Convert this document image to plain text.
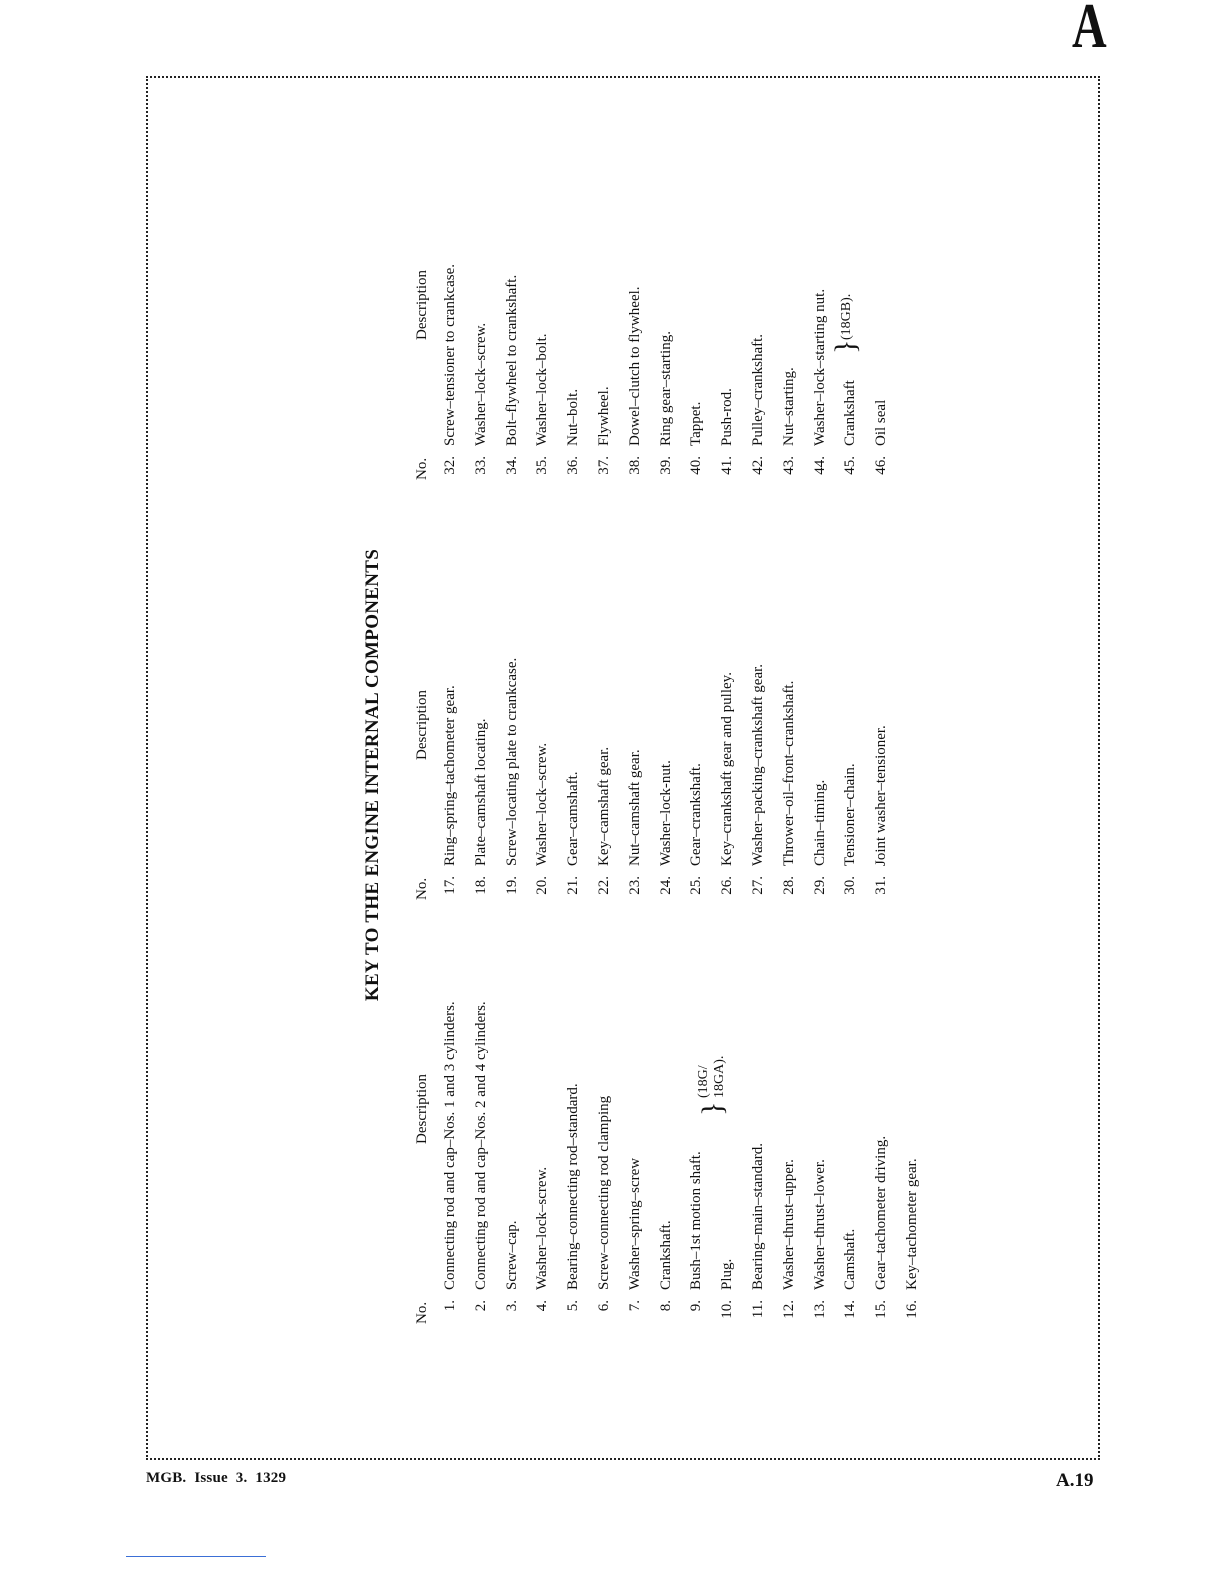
A
KEY TO THE ENGINE INTERNAL COMPONENTS
No.
Description
1.
Connecting rod and cap–Nos. 1 and 3 cylinders.
2.
Connecting rod and cap–Nos. 2 and 4 cylinders.
3.
Screw–cap.
4.
Washer–lock–screw.
5.
Bearing–connecting rod–standard.
6.
Screw–connecting rod clamping
7.
Washer–spring–screw
8.
Crankshaft.
9.
Bush–1st motion shaft.
10.
Plug.
11.
Bearing–main–standard.
12.
Washer–thrust–upper.
13.
Washer–thrust–lower.
14.
Camshaft.
15.
Gear–tachometer driving.
16.
Key–tachometer gear.
}
(18G/ 18GA).
No.
Description
17.
Ring–spring–tachometer gear.
18.
Plate–camshaft locating.
19.
Screw–locating plate to crankcase.
20.
Washer–lock–screw.
21.
Gear–camshaft.
22.
Key–camshaft gear.
23.
Nut–camshaft gear.
24.
Washer–lock-nut.
25.
Gear–crankshaft.
26.
Key–crankshaft gear and pulley.
27.
Washer–packing–crankshaft gear.
28.
Thrower–oil–front–crankshaft.
29.
Chain–timing.
30.
Tensioner–chain.
31.
Joint washer–tensioner.
No.
Description
32.
Screw–tensioner to crankcase.
33.
Washer–lock–screw.
34.
Bolt–flywheel to crankshaft.
35.
Washer–lock–bolt.
36.
Nut–bolt.
37.
Flywheel.
38.
Dowel–clutch to flywheel.
39.
Ring gear–starting.
40.
Tappet.
41.
Push-rod.
42.
Pulley–crankshaft.
43.
Nut–starting.
44.
Washer–lock–starting nut.
45.
Crankshaft
46.
Oil seal
}
(18GB).
MGB. Issue 3. 1329	A.19
